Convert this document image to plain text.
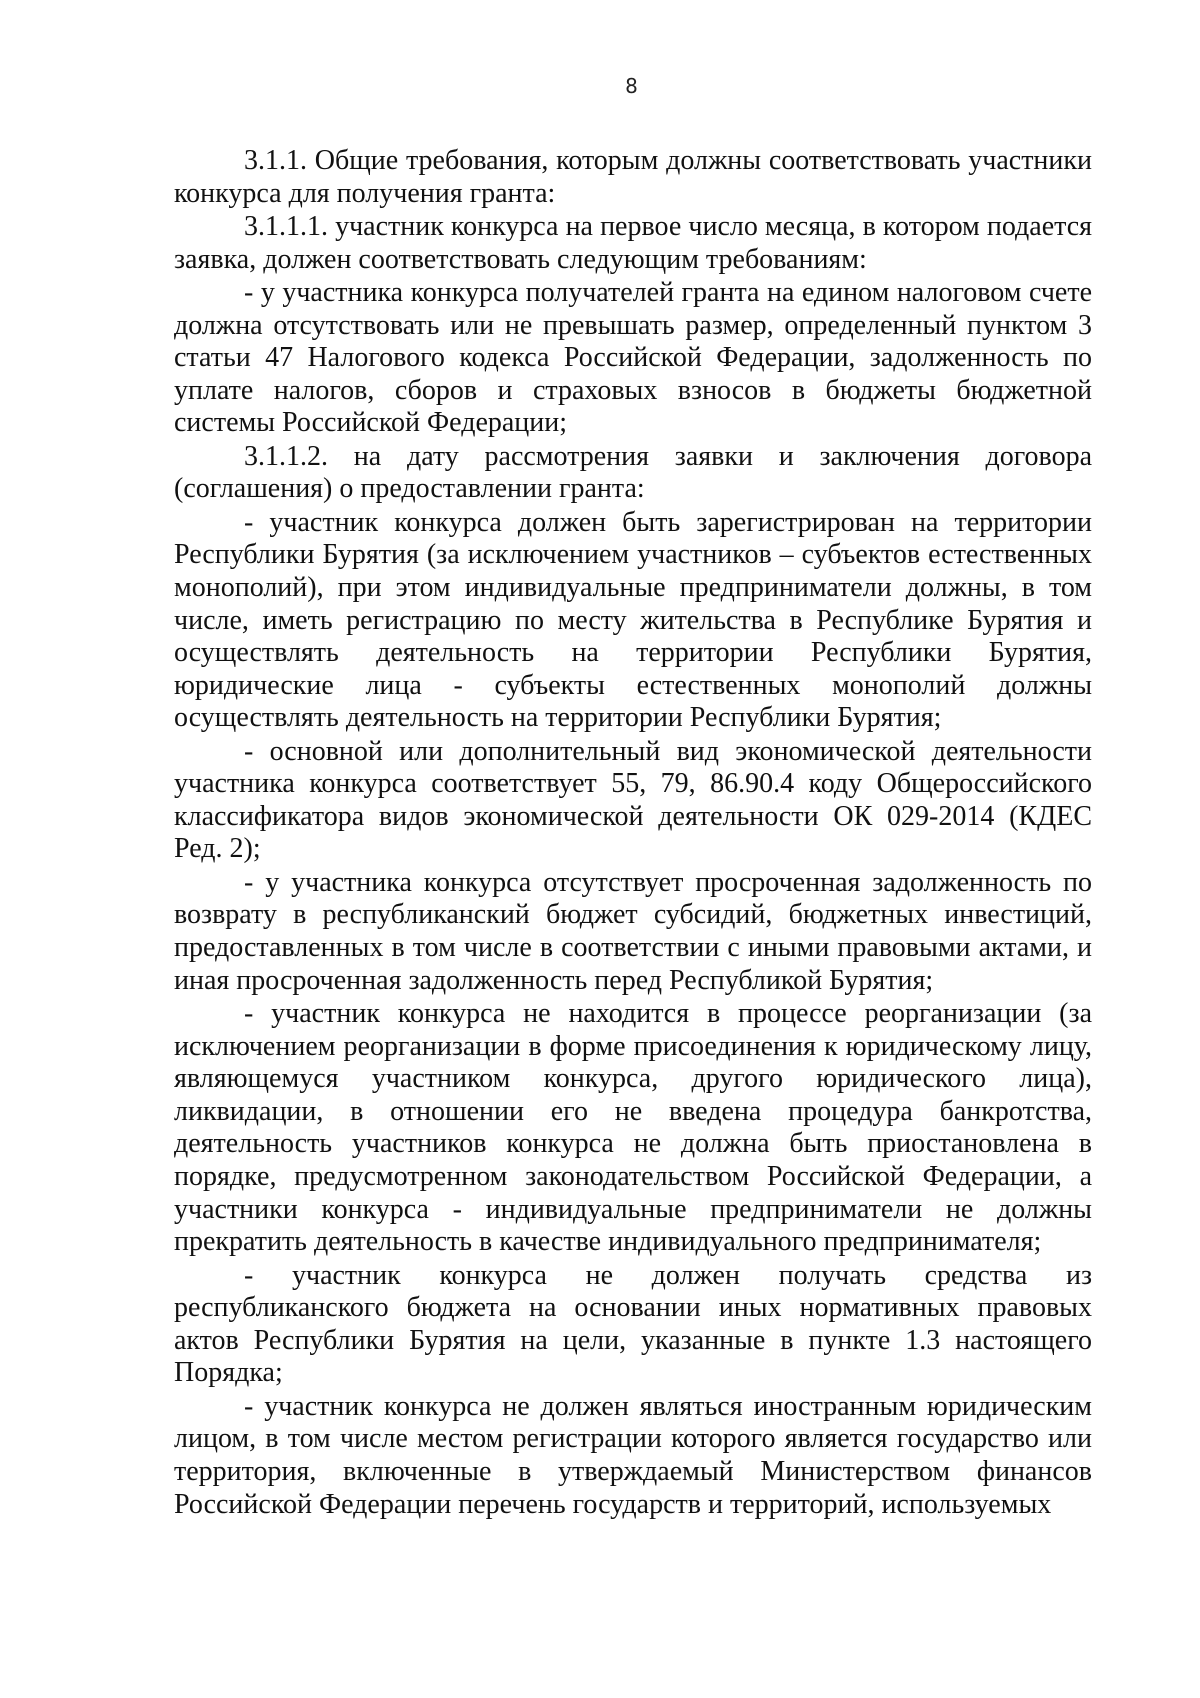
8

3.1.1. Общие требования, которым должны соответствовать участники конкурса для получения гранта:

3.1.1.1. участник конкурса на первое число месяца, в котором подается заявка, должен соответствовать следующим требованиям:

- у участника конкурса получателей гранта на едином налоговом счете должна отсутствовать или не превышать размер, определенный пунктом 3 статьи 47 Налогового кодекса Российской Федерации, задолженность по уплате налогов, сборов и страховых взносов в бюджеты бюджетной системы Российской Федерации;

3.1.1.2. на дату рассмотрения заявки и заключения договора (соглашения) о предоставлении гранта:

- участник конкурса должен быть зарегистрирован на территории Республики Бурятия (за исключением участников – субъектов естественных монополий), при этом индивидуальные предприниматели должны, в том числе, иметь регистрацию по месту жительства в Республике Бурятия и осуществлять деятельность на территории Республики Бурятия, юридические лица - субъекты естественных монополий должны осуществлять деятельность на территории Республики Бурятия;

- основной или дополнительный вид экономической деятельности участника конкурса соответствует 55, 79, 86.90.4 коду Общероссийского классификатора видов экономической деятельности ОК 029-2014 (КДЕС Ред. 2);

- у участника конкурса отсутствует просроченная задолженность по возврату в республиканский бюджет субсидий, бюджетных инвестиций, предоставленных в том числе в соответствии с иными правовыми актами, и иная просроченная задолженность перед Республикой Бурятия;

- участник конкурса не находится в процессе реорганизации (за исключением реорганизации в форме присоединения к юридическому лицу, являющемуся участником конкурса, другого юридического лица), ликвидации, в отношении его не введена процедура банкротства, деятельность участников конкурса не должна быть приостановлена в порядке, предусмотренном законодательством Российской Федерации, а участники конкурса - индивидуальные предприниматели не должны прекратить деятельность в качестве индивидуального предпринимателя;

- участник конкурса не должен получать средства из республиканского бюджета на основании иных нормативных правовых актов Республики Бурятия на цели, указанные в пункте 1.3 настоящего Порядка;

- участник конкурса не должен являться иностранным юридическим лицом, в том числе местом регистрации которого является государство или территория, включенные в утверждаемый Министерством финансов Российской Федерации перечень государств и территорий, используемых
